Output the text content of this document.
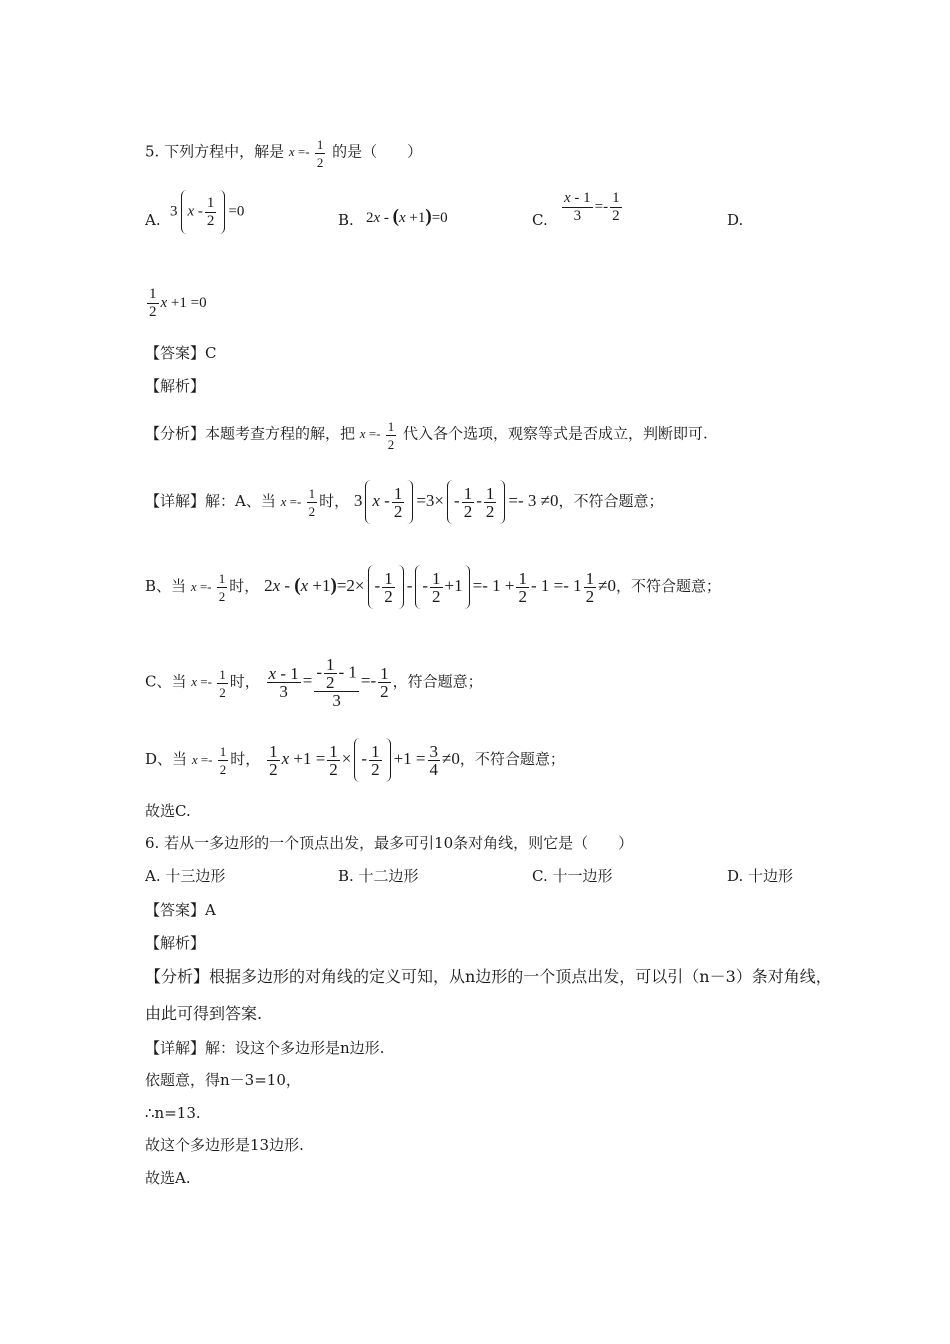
5. 下列方程中，解是 $x =- \frac{1}{2}$ 的是（　　）
A. 3 $x - \frac{1}{2} =0$	B. 2x - (x +1)=0	C. $\frac{x - 1}{3} =- \frac{1}{2}$	D.
$\frac{1}{2}$ x +1 =0
【答案】C
【解析】
【分析】本题考查方程的解，把 $x =- \frac{1}{2}$ 代入各个选项，观察等式是否成立，判断即可.
【详解】解：A、当 $x =- \frac{1}{2}$ 时， 3 $x - \frac{1}{2} =3\times - \frac{1}{2} - \frac{1}{2} =- 3 \ne 0$，不符合题意；
B、当 $x =- \frac{1}{2}$ 时， $2x - (x +1)=2\times - \frac{1}{2}$ - - $\frac{1}{2} +1 =- 1 + \frac{1}{2} - 1 =- 1 \frac{1}{2} \ne 0$，不符合题意；
C、当 $x =- \frac{1}{2}$ 时， $\frac{x - 1}{3} = \frac{- \frac{1}{2} - 1}{3} =- \frac{1}{2}$ ，符合题意；
D、当 $x =- \frac{1}{2}$ 时， $\frac{1}{2}$ $x +1 = \frac{1}{2}$ × - $\frac{1}{2} +1 = \frac{3}{4} \ne 0$，不符合题意；
故选C.
6. 若从一多边形的一个顶点出发，最多可引10条对角线，则它是（　　）
A. 十三边形	B. 十二边形	C. 十一边形	D. 十边形
【答案】A
【解析】
【分析】根据多边形的对角线的定义可知，从n边形的一个顶点出发，可以引（n－3）条对角线，
由此可得到答案.
【详解】解：设这个多边形是n边形.
依题意，得n－3=10，
∴n=13.
故这个多边形是13边形.
故选A.
